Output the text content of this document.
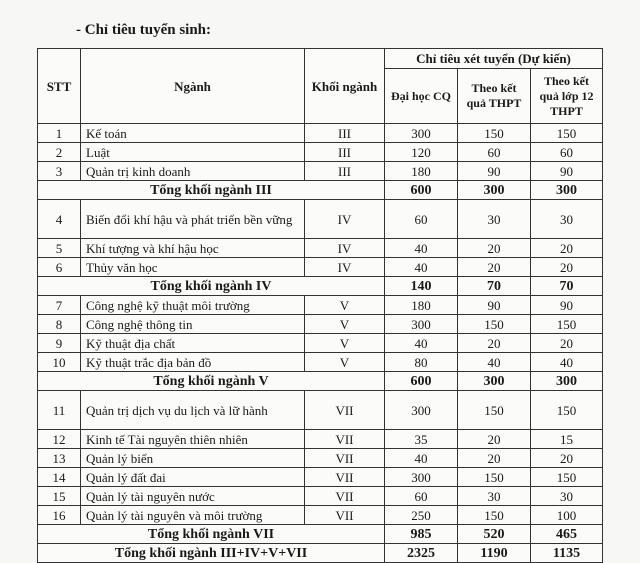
- Chỉ tiêu tuyển sinh:
STT	Ngành	Khối ngành	Chỉ tiêu xét tuyển (Dự kiến)		
			Đại học CQ	Theo kết quả THPT	Theo kết quả lớp 12 THPT
1	Kế toán	III	300	150	150
2	Luật	III	120	60	60
3	Quản trị kinh doanh	III	180	90	90
Tổng khối ngành III			600	300	300
4	Biến đổi khí hậu và phát triển bền vững	IV	60	30	30
5	Khí tượng và khí hậu học	IV	40	20	20
6	Thủy văn học	IV	40	20	20
Tổng khối ngành IV			140	70	70
7	Công nghệ kỹ thuật môi trường	V	180	90	90
8	Công nghệ thông tin	V	300	150	150
9	Kỹ thuật địa chất	V	40	20	20
10	Kỹ thuật trắc địa bản đồ	V	80	40	40
Tổng khối ngành V			600	300	300
11	Quản trị dịch vụ du lịch và lữ hành	VII	300	150	150
12	Kinh tế Tài nguyên thiên nhiên	VII	35	20	15
13	Quản lý biển	VII	40	20	20
14	Quản lý đất đai	VII	300	150	150
15	Quản lý tài nguyên nước	VII	60	30	30
16	Quản lý tài nguyên và môi trường	VII	250	150	100
Tổng khối ngành VII			985	520	465
Tổng khối ngành III+IV+V+VII			2325	1190	1135
